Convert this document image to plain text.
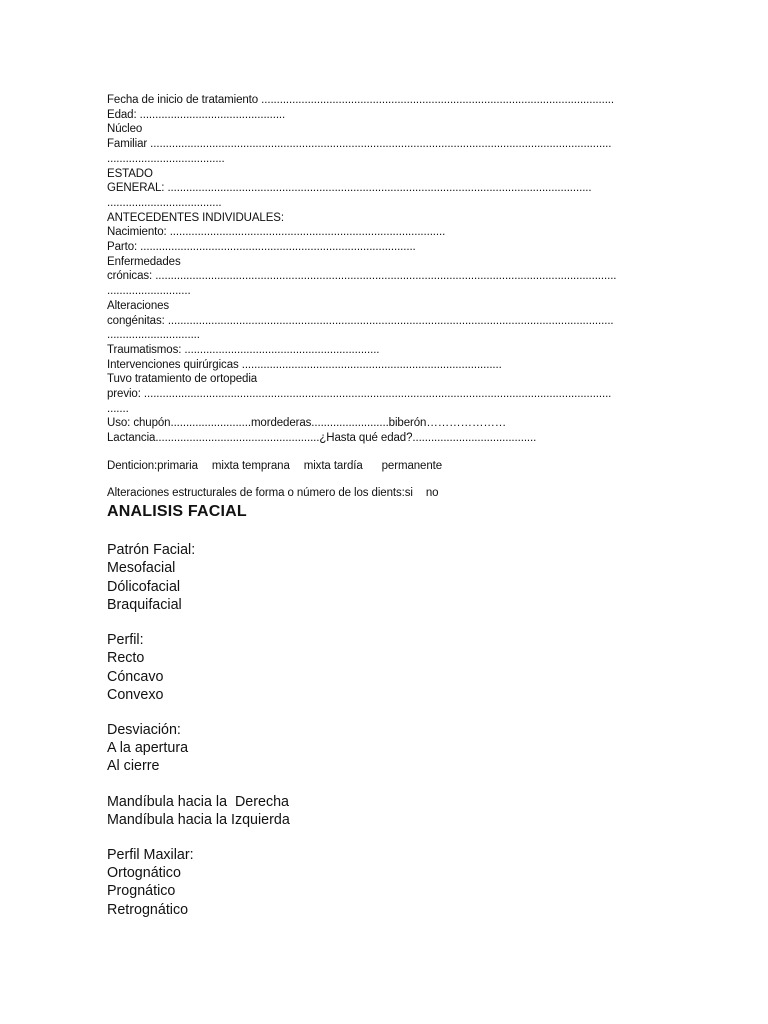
Fecha de inicio de tratamiento ..................................................................................................................
Edad: ...............................................
Núcleo
Familiar .....................................................................................................................................................
......................................
ESTADO
GENERAL: .........................................................................................................................................
.....................................
ANTECEDENTES INDIVIDUALES:
Nacimiento: .........................................................................................
Parto: .........................................................................................
Enfermedades
crónicas: .....................................................................................................................................................
...........................
Alteraciones
congénitas: ................................................................................................................................................
..............................
Traumatismos: ...............................................................
Intervenciones quirúrgicas ....................................................................................
Tuvo tratamiento de ortopedia
previo: .......................................................................................................................................................
.......
Uso: chupón..........................mordederas.........................biberón…………………
Lactancia.....................................................¿Hasta qué edad?........................................
Denticion:primaria mixta temprana mixta tardía permanente
Alteraciones estructurales de forma o número de los dients:si no
ANALISIS FACIAL
Patrón Facial:
Mesofacial
Dólicofacial
Braquifacial
Perfil:
Recto
Cóncavo
Convexo
Desviación:
A la apertura
Al cierre
Mandíbula hacia la  Derecha
Mandíbula hacia la Izquierda
Perfil Maxilar:
Ortognático
Prognático
Retrognático
